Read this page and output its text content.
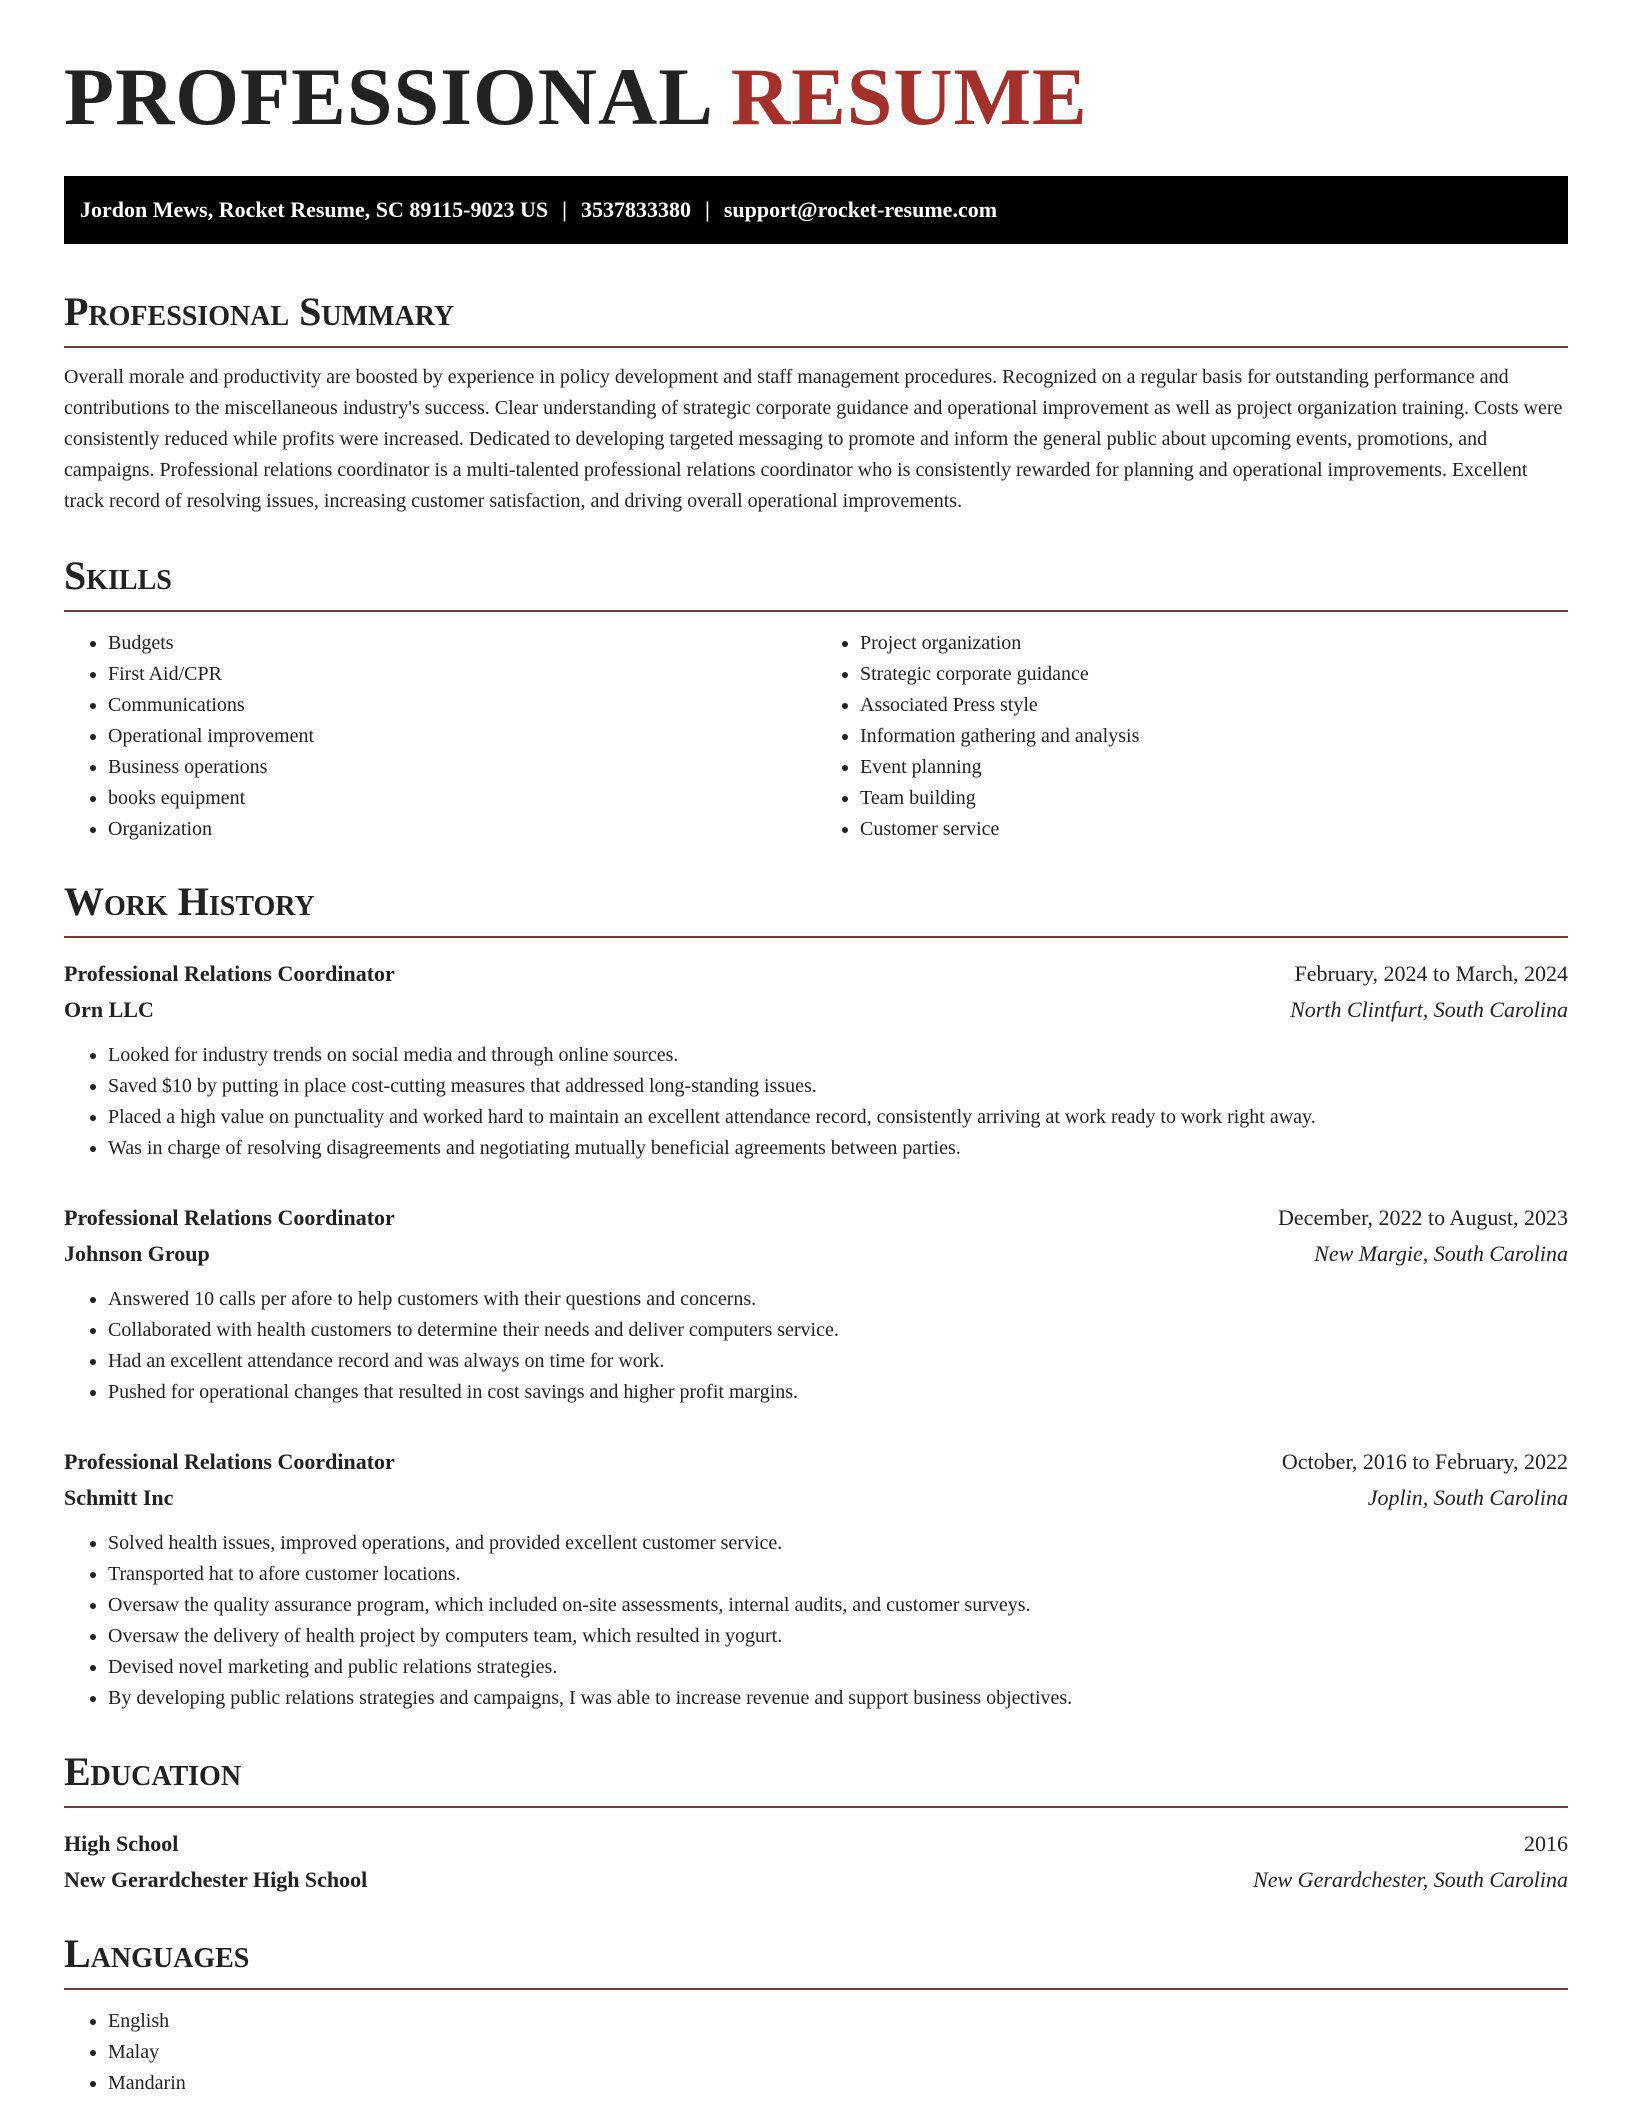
PROFESSIONAL RESUME
Jordon Mews, Rocket Resume, SC 89115-9023 US | 3537833380 | support@rocket-resume.com
Professional Summary

Overall morale and productivity are boosted by experience in policy development and staff management procedures. Recognized on a regular basis for outstanding performance and contributions to the miscellaneous industry's success. Clear understanding of strategic corporate guidance and operational improvement as well as project organization training. Costs were consistently reduced while profits were increased. Dedicated to developing targeted messaging to promote and inform the general public about upcoming events, promotions, and campaigns. Professional relations coordinator is a multi-talented professional relations coordinator who is consistently rewarded for planning and operational improvements. Excellent track record of resolving issues, increasing customer satisfaction, and driving overall operational improvements.

Skills
• Budgets
• First Aid/CPR
• Communications
• Operational improvement
• Business operations
• books equipment
• Organization
• Project organization
• Strategic corporate guidance
• Associated Press style
• Information gathering and analysis
• Event planning
• Team building
• Customer service
Work History
Professional Relations Coordinator	February, 2024 to March, 2024
Orn LLC	North Clintfurt, South Carolina
• Looked for industry trends on social media and through online sources.
• Saved $10 by putting in place cost-cutting measures that addressed long-standing issues.
• Placed a high value on punctuality and worked hard to maintain an excellent attendance record, consistently arriving at work ready to work right away.
• Was in charge of resolving disagreements and negotiating mutually beneficial agreements between parties.
Professional Relations Coordinator	December, 2022 to August, 2023
Johnson Group	New Margie, South Carolina
• Answered 10 calls per afore to help customers with their questions and concerns.
• Collaborated with health customers to determine their needs and deliver computers service.
• Had an excellent attendance record and was always on time for work.
• Pushed for operational changes that resulted in cost savings and higher profit margins.
Professional Relations Coordinator	October, 2016 to February, 2022
Schmitt Inc	Joplin, South Carolina
• Solved health issues, improved operations, and provided excellent customer service.
• Transported hat to afore customer locations.
• Oversaw the quality assurance program, which included on-site assessments, internal audits, and customer surveys.
• Oversaw the delivery of health project by computers team, which resulted in yogurt.
• Devised novel marketing and public relations strategies.
• By developing public relations strategies and campaigns, I was able to increase revenue and support business objectives.
Education
High School	2016
New Gerardchester High School	New Gerardchester, South Carolina
Languages
• English
• Malay
• Mandarin
